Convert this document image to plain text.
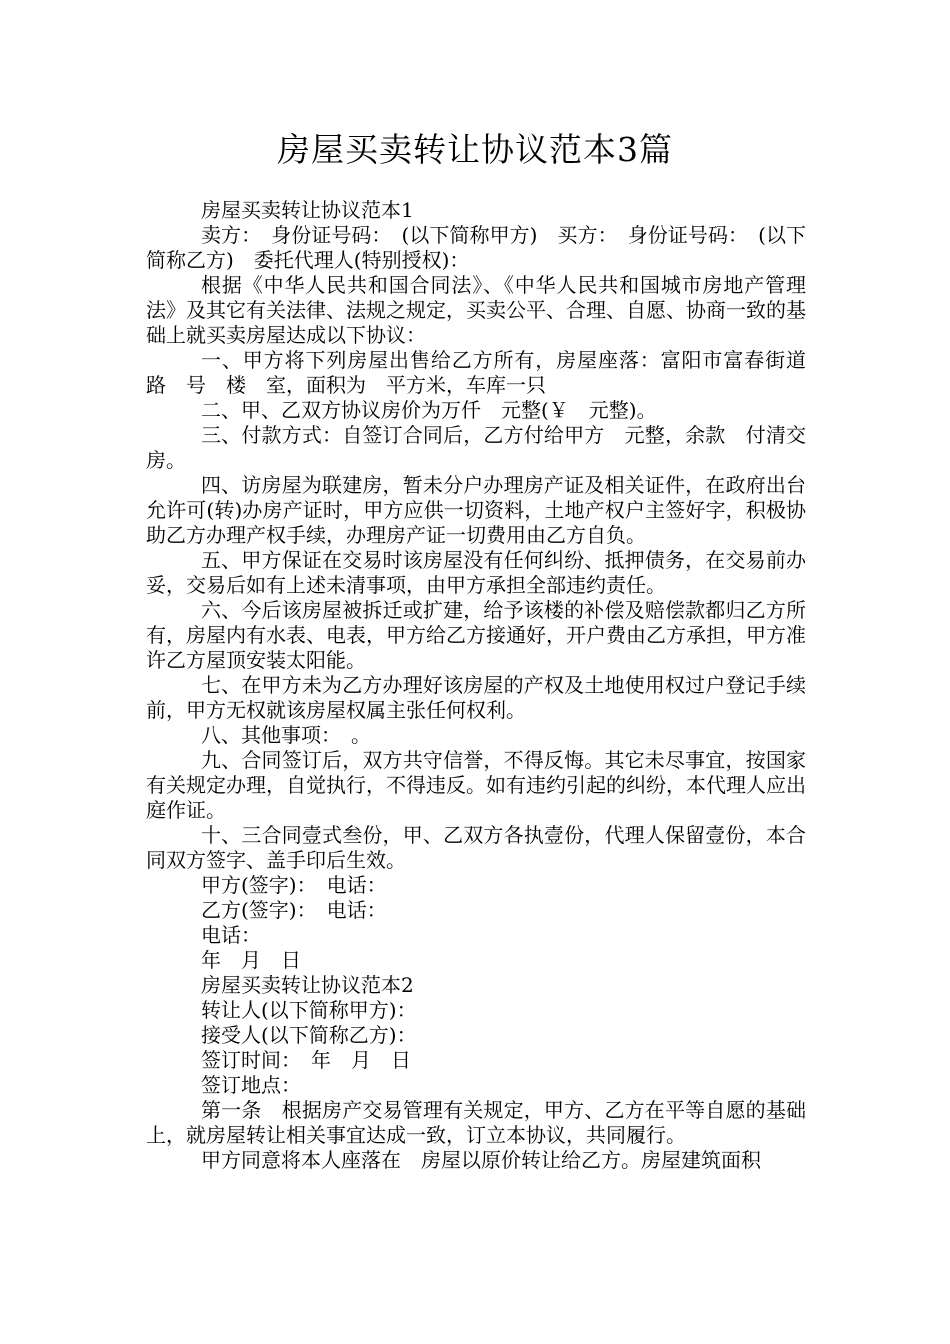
房屋买卖转让协议范本3篇

房屋买卖转让协议范本1

卖方：　身份证号码：　(以下简称甲方)　买方：　身份证号码：　(以下简称乙方)　委托代理人(特别授权)：

根据《中华人民共和国合同法》、《中华人民共和国城市房地产管理法》及其它有关法律、法规之规定，买卖公平、合理、自愿、协商一致的基础上就买卖房屋达成以下协议：

一、甲方将下列房屋出售给乙方所有，房屋座落：富阳市富春街道　路　号　楼　室，面积为　平方米，车库一只

二、甲、乙双方协议房价为万仟　元整(￥　元整)。

三、付款方式：自签订合同后，乙方付给甲方　元整，余款　付清交房。

四、访房屋为联建房，暂未分户办理房产证及相关证件，在政府出台允许可(转)办房产证时，甲方应供一切资料，土地产权户主签好字，积极协助乙方办理产权手续，办理房产证一切费用由乙方自负。

五、甲方保证在交易时该房屋没有任何纠纷、抵押债务，在交易前办妥，交易后如有上述未清事项，由甲方承担全部违约责任。

六、今后该房屋被拆迁或扩建，给予该楼的补偿及赔偿款都归乙方所有，房屋内有水表、电表，甲方给乙方接通好，开户费由乙方承担，甲方准许乙方屋顶安装太阳能。

七、在甲方未为乙方办理好该房屋的产权及土地使用权过户登记手续前，甲方无权就该房屋权属主张任何权利。

八、其他事项：　。

九、合同签订后，双方共守信誉，不得反悔。其它未尽事宜，按国家有关规定办理，自觉执行，不得违反。如有违约引起的纠纷，本代理人应出庭作证。

十、三合同壹式叁份，甲、乙双方各执壹份，代理人保留壹份，本合同双方签字、盖手印后生效。

甲方(签字)：　电话：

乙方(签字)：　电话：

电话：

年　月　日

房屋买卖转让协议范本2

转让人(以下简称甲方)：

接受人(以下简称乙方)：

签订时间：　年　月　日

签订地点：

第一条　根据房产交易管理有关规定，甲方、乙方在平等自愿的基础上，就房屋转让相关事宜达成一致，订立本协议，共同履行。

甲方同意将本人座落在　房屋以原价转让给乙方。房屋建筑面积
